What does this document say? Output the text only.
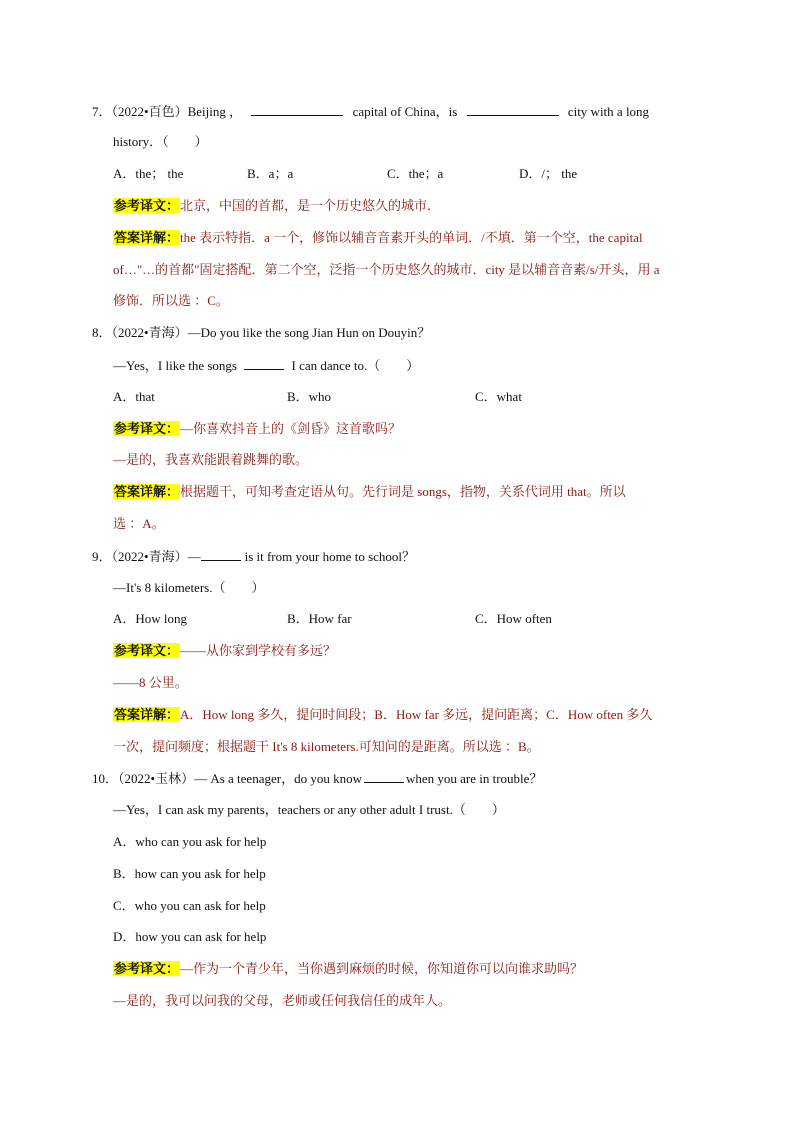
7．（2022•百色）Beijing ，	capital of China，is	city with a long
history．（　　）
A．the； the	B．a；a	C．the；a	D．/； the
参考译文：北京，中国的首都，是一个历史悠久的城市．
答案详解：the 表示特指．a 一个，修饰以辅音音素开头的单词．/不填．第一个空，the capital
of…"…的首都"固定搭配．第二个空，泛指一个历史悠久的城市．city 是以辅音音素/s/开头，用 a
修饰．所以选 ：C。
8．（2022•青海）—Do you like the song Jian Hun on Douyin？
—Yes，I like the songs	I can dance to.（　　）
A．that	B．who	C．what
参考译文：—你喜欢抖音上的《剑昏》这首歌吗？
—是的，我喜欢能跟着跳舞的歌。
答案详解：根据题干，可知考查定语从句。先行词是 songs，指物，关系代词用 that。所以
选 ：A。
9．（2022•青海）—	is it from your home to school？
—It's 8 kilometers.（　　）
A．How long	B．How far	C．How often
参考译文：——从你家到学校有多远？
——8 公里。
答案详解：A．How long 多久，提问时间段；B．How far 多远，提问距离；C．How often 多久
一次，提问频度；根据题干 It's 8 kilometers.可知问的是距离。所以选 ：B。
10．（2022•玉林）— As a teenager，do you know	when you are in trouble？
—Yes，I can ask my parents，teachers or any other adult I trust.（　　）
A．who can you ask for help
B．how can you ask for help
C．who you can ask for help
D．how you can ask for help
参考译文：—作为一个青少年，当你遇到麻烦的时候，你知道你可以向谁求助吗？
—是的，我可以问我的父母，老师或任何我信任的成年人。
